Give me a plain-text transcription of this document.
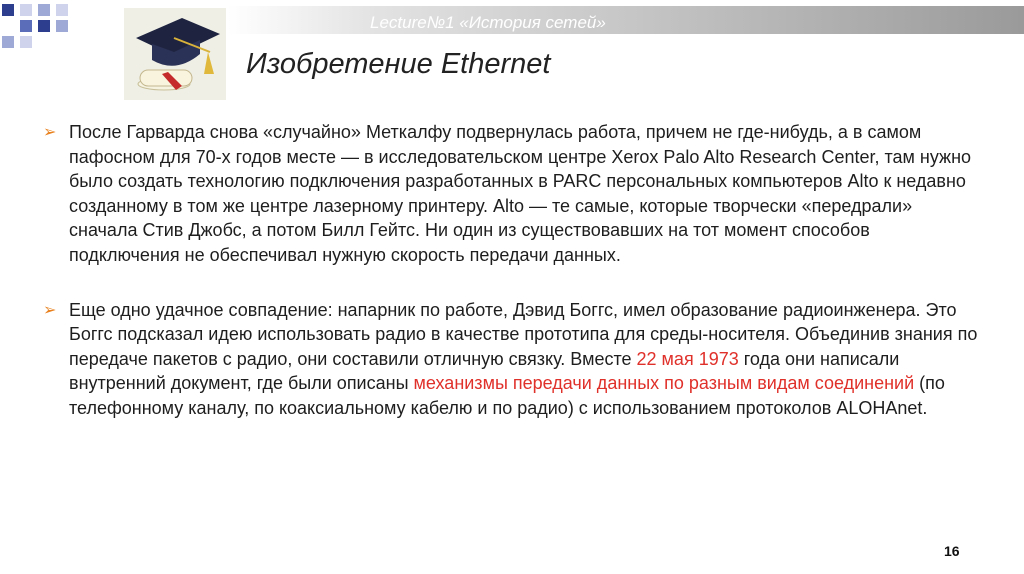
Lecture№1 «История сетей»
Изобретение Ethernet
➢ После Гарварда снова «случайно» Меткалфу подвернулась работа, причем не где-нибудь, а в самом пафосном для 70-х годов месте — в исследовательском центре Xerox Palo Alto Research Center, там нужно было создать технологию подключения разработанных в PARC персональных компьютеров Alto к недавно созданному в том же центре лазерному принтеру. Alto — те самые, которые творчески «передрали» сначала Стив Джобс, а потом Билл Гейтс. Ни один из существовавших на тот момент способов подключения не обеспечивал нужную скорость передачи данных.
➢ Еще одно удачное совпадение: напарник по работе, Дэвид Боггс, имел образование радиоинженера. Это Боггс подсказал идею использовать радио в качестве прототипа для среды-носителя. Объединив знания по передаче пакетов с радио, они составили отличную связку. Вместе 22 мая 1973 года они написали внутренний документ, где были описаны механизмы передачи данных по разным видам соединений (по телефонному каналу, по коаксиальному кабелю и по радио) с использованием протоколов ALOHAnet.
16
